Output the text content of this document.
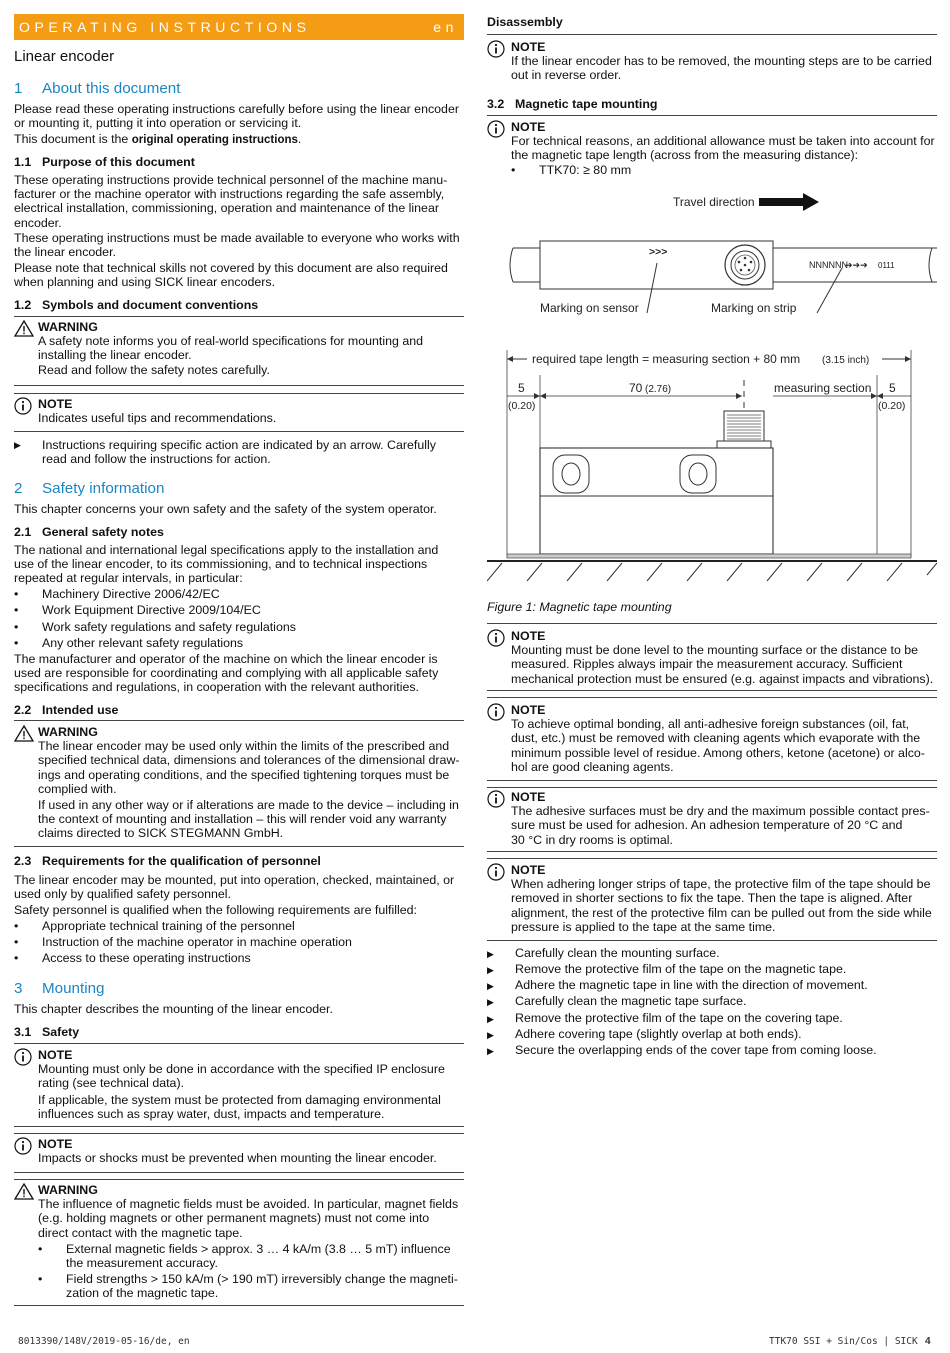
OPERATING INSTRUCTIONS	en
Linear encoder
1 About this document
Please read these operating instructions carefully before using the linear encoder
or mounting it, putting it into operation or servicing it.
This document is the original operating instructions.
1.1 Purpose of this document
These operating instructions provide technical personnel of the machine manu-
facturer or the machine operator with instructions regarding the safe assembly,
electrical installation, commissioning, operation and maintenance of the linear
encoder.
These operating instructions must be made available to everyone who works with
the linear encoder.
Please note that technical skills not covered by this document are also required
when planning and using SICK linear encoders.
1.2 Symbols and document conventions
WARNING
A safety note informs you of real-world specifications for mounting and
installing the linear encoder.
Read and follow the safety notes carefully.
NOTE
Indicates useful tips and recommendations.
▶	Instructions requiring specific action are indicated by an arrow. Carefully
read and follow the instructions for action.
2 Safety information
This chapter concerns your own safety and the safety of the system operator.
2.1 General safety notes
The national and international legal specifications apply to the installation and
use of the linear encoder, to its commissioning, and to technical inspections
repeated at regular intervals, in particular:
• Machinery Directive 2006/42/EC
• Work Equipment Directive 2009/104/EC
• Work safety regulations and safety regulations
• Any other relevant safety regulations
The manufacturer and operator of the machine on which the linear encoder is
used are responsible for coordinating and complying with all applicable safety
specifications and regulations, in cooperation with the relevant authorities.
2.2 Intended use
WARNING
The linear encoder may be used only within the limits of the prescribed and
specified technical data, dimensions and tolerances of the dimensional draw-
ings and operating conditions, and the specified tightening torques must be
complied with.
If used in any other way or if alterations are made to the device – including in
the context of mounting and installation – this will render void any warranty
claims directed to SICK STEGMANN GmbH.
2.3 Requirements for the qualification of personnel
The linear encoder may be mounted, put into operation, checked, maintained, or
used only by qualified safety personnel.
Safety personnel is qualified when the following requirements are fulfilled:
• Appropriate technical training of the personnel
• Instruction of the machine operator in machine operation
• Access to these operating instructions
3 Mounting
This chapter describes the mounting of the linear encoder.
3.1 Safety
NOTE
Mounting must only be done in accordance with the specified IP enclosure
rating (see technical data).
If applicable, the system must be protected from damaging environmental
influences such as spray water, dust, impacts and temperature.
NOTE
Impacts or shocks must be prevented when mounting the linear encoder.
WARNING
The influence of magnetic fields must be avoided. In particular, magnet fields
(e.g. holding magnets or other permanent magnets) must not come into
direct contact with the magnetic tape.
• External magnetic fields > approx. 3 … 4 kA/m (3.8 … 5 mT) influence
the measurement accuracy.
• Field strengths > 150 kA/m (> 190 mT) irreversibly change the magneti-
zation of the magnetic tape.
Disassembly
NOTE
If the linear encoder has to be removed, the mounting steps are to be carried
out in reverse order.
3.2 Magnetic tape mounting
NOTE
For technical reasons, an additional allowance must be taken into account for
the magnetic tape length (across from the measuring distance):
• TTK70: ≥ 80 mm
Travel direction
>>>
NNNNNN
➔➔➔ 0111
Marking on sensor	Marking on strip
required tape length = measuring section + 80 mm (3.15 inch)
5
(0.20)
70 (2.76)	measuring section 5
(0.20)
Figure 1: Magnetic tape mounting
NOTE
Mounting must be done level to the mounting surface or the distance to be
measured. Ripples always impair the measurement accuracy. Sufficient
mechanical protection must be ensured (e.g. against impacts and vibrations).
NOTE
To achieve optimal bonding, all anti-adhesive foreign substances (oil, fat,
dust, etc.) must be removed with cleaning agents which evaporate with the
minimum possible level of residue. Among others, ketone (acetone) or alco-
hol are good cleaning agents.
NOTE
The adhesive surfaces must be dry and the maximum possible contact pres-
sure must be used for adhesion. An adhesion temperature of 20 °C and
30 °C in dry rooms is optimal.
NOTE
When adhering longer strips of tape, the protective film of the tape should be
removed in shorter sections to fix the tape. Then the tape is aligned. After
alignment, the rest of the protective film can be pulled out from the side while
pressure is applied to the tape at the same time.
▶ Carefully clean the mounting surface.
▶ Remove the protective film of the tape on the magnetic tape.
▶ Adhere the magnetic tape in line with the direction of movement.
▶ Carefully clean the magnetic tape surface.
▶ Remove the protective film of the tape on the covering tape.
▶ Adhere covering tape (slightly overlap at both ends).
▶ Secure the overlapping ends of the cover tape from coming loose.
8013390/148V/2019-05-16/de, en	TTK70 SSI + Sin/Cos | SICK 4
